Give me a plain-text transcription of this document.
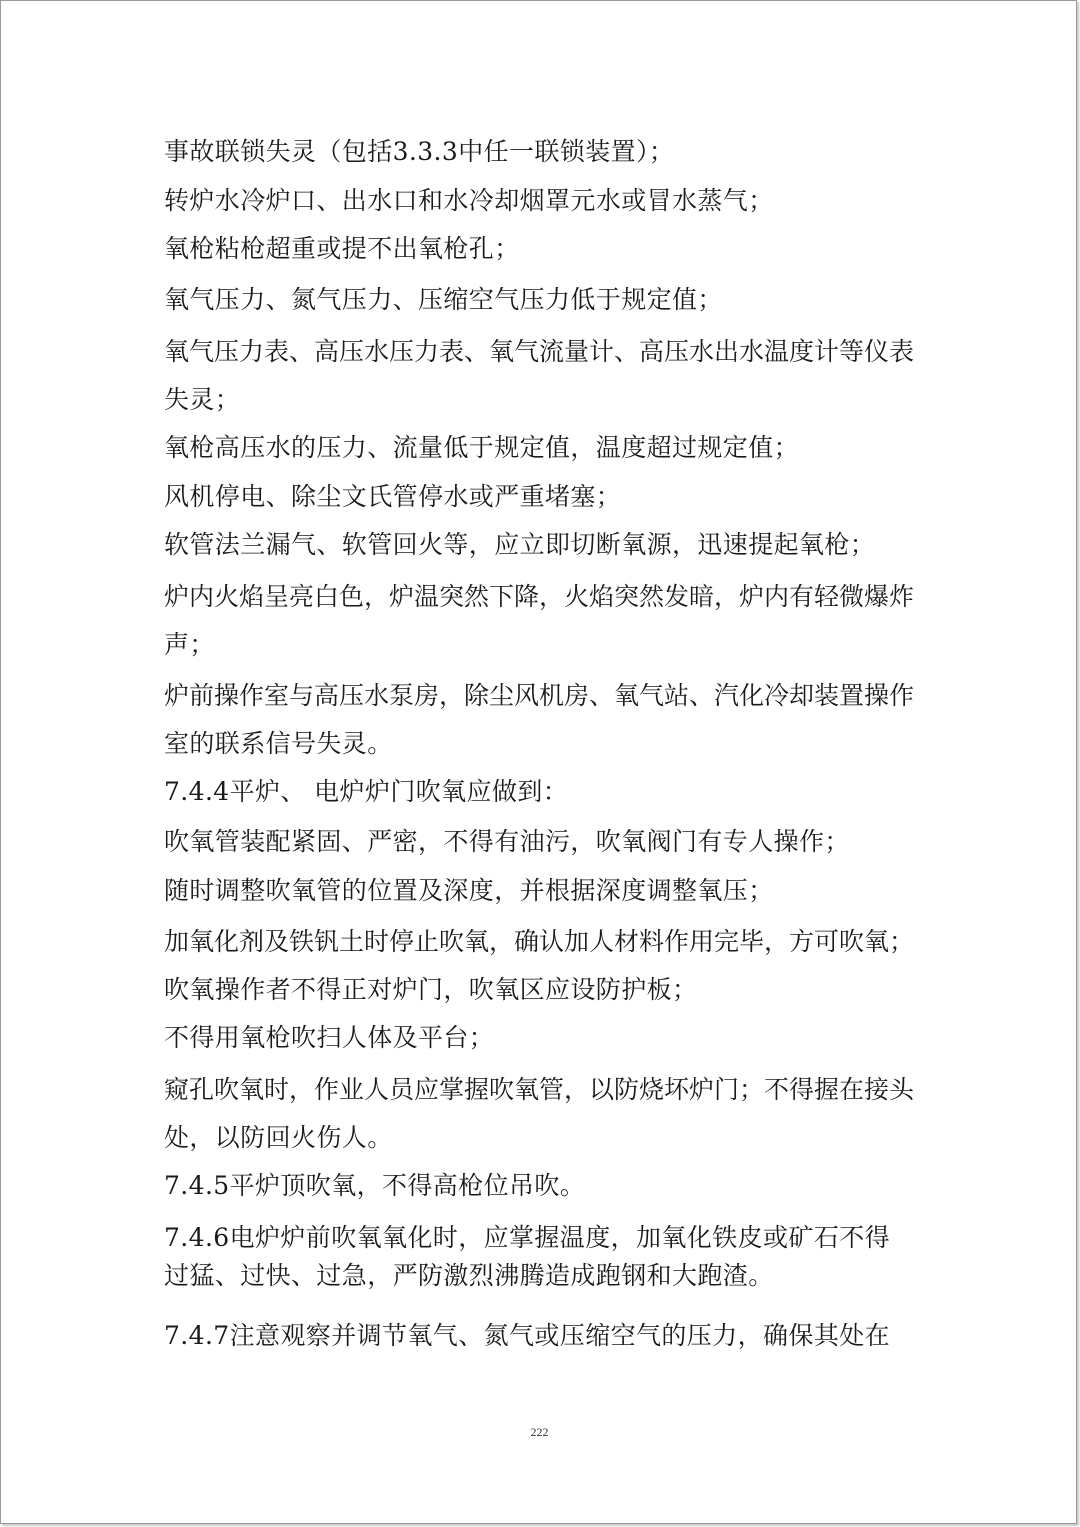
事故联锁失灵（包括3.3.3中任一联锁装置）；

转炉水冷炉口、出水口和水冷却烟罩元水或冒水蒸气；

氧枪粘枪超重或提不出氧枪孔；

氧气压力、氮气压力、压缩空气压力低于规定值；

氧气压力表、高压水压力表、氧气流量计、高压水出水温度计等仪表

失灵；

氧枪高压水的压力、流量低于规定值，温度超过规定值；

风机停电、除尘文氏管停水或严重堵塞；

软管法兰漏气、软管回火等，应立即切断氧源，迅速提起氧枪；

炉内火焰呈亮白色，炉温突然下降，火焰突然发暗，炉内有轻微爆炸

声；

炉前操作室与高压水泵房，除尘风机房、氧气站、汽化冷却装置操作

室的联系信号失灵。

7.4.4平炉、 电炉炉门吹氧应做到：

吹氧管装配紧固、严密，不得有油污，吹氧阀门有专人操作；

随时调整吹氧管的位置及深度，并根据深度调整氧压；

加氧化剂及铁钒土时停止吹氧，确认加人材料作用完毕，方可吹氧；

吹氧操作者不得正对炉门，吹氧区应设防护板；

不得用氧枪吹扫人体及平台；

窥孔吹氧时，作业人员应掌握吹氧管，以防烧坏炉门；不得握在接头

处，以防回火伤人。

7.4.5平炉顶吹氧，不得高枪位吊吹。

7.4.6电炉炉前吹氧氧化时，应掌握温度，加氧化铁皮或矿石不得

过猛、过快、过急，严防激烈沸腾造成跑钢和大跑渣。

7.4.7注意观察并调节氧气、氮气或压缩空气的压力，确保其处在

222
